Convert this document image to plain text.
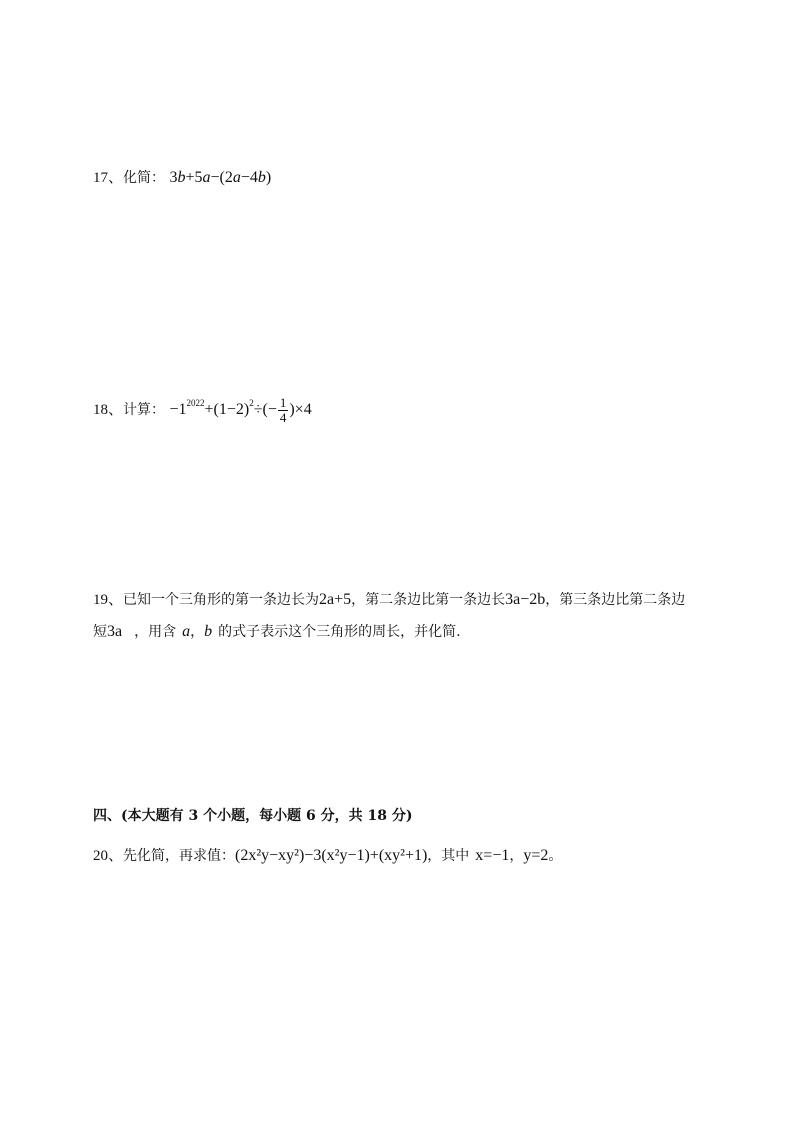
17、化简： 3b+5a−(2a−4b)
18、计算： $-1^{2022}+(1-2)^2\div(- \frac{1}{4} )\times 4$
19、已知一个三角形的第一条边长为2a+5，第二条边比第一条边长3a−2b，第三条边比第二条边
短3a ，用含 a，b 的式子表示这个三角形的周长，并化简.
四、(本大题有 3 个小题，每小题 6 分，共 18 分)
20、先化简，再求值：(2x²y−xy²)−3(x²y−1)+(xy²+1)，其中 x=−1，y=2。
